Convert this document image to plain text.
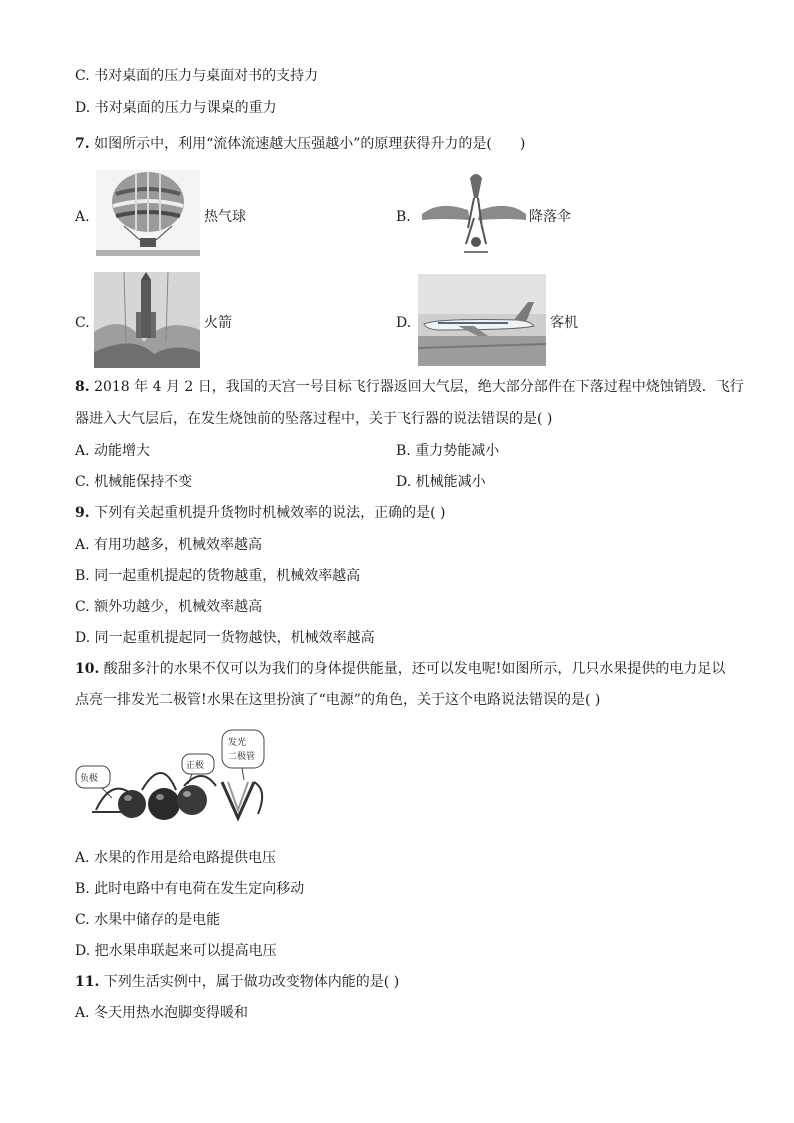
C. 书对桌面的压力与桌面对书的支持力
D. 书对桌面的压力与课桌的重力
7. 如图所示中，利用“流体流速越大压强越小”的原理获得升力的是(　　)
A.	热气球	B.	降落伞
C.	火箭	D.	客机
8. 2018 年 4 月 2 日，我国的天宫一号目标飞行器返回大气层，绝大部分部件在下落过程中烧蚀销毁．飞行
器进入大气层后，在发生烧蚀前的坠落过程中，关于飞行器的说法错误的是( )
A. 动能增大	B. 重力势能减小
C. 机械能保持不变	D. 机械能减小
9. 下列有关起重机提升货物时机械效率的说法，正确的是( )
A. 有用功越多，机械效率越高
B. 同一起重机提起的货物越重，机械效率越高
C. 额外功越少，机械效率越高
D. 同一起重机提起同一货物越快，机械效率越高
10. 酸甜多汁的水果不仅可以为我们的身体提供能量，还可以发电呢!如图所示，几只水果提供的电力足以
点亮一排发光二极管!水果在这里扮演了“电源”的角色，关于这个电路说法错误的是( )
负极
正极
发光
二极管
A. 水果的作用是给电路提供电压
B. 此时电路中有电荷在发生定向移动
C. 水果中储存的是电能
D. 把水果串联起来可以提高电压
11. 下列生活实例中，属于做功改变物体内能的是( )
A. 冬天用热水泡脚变得暖和
